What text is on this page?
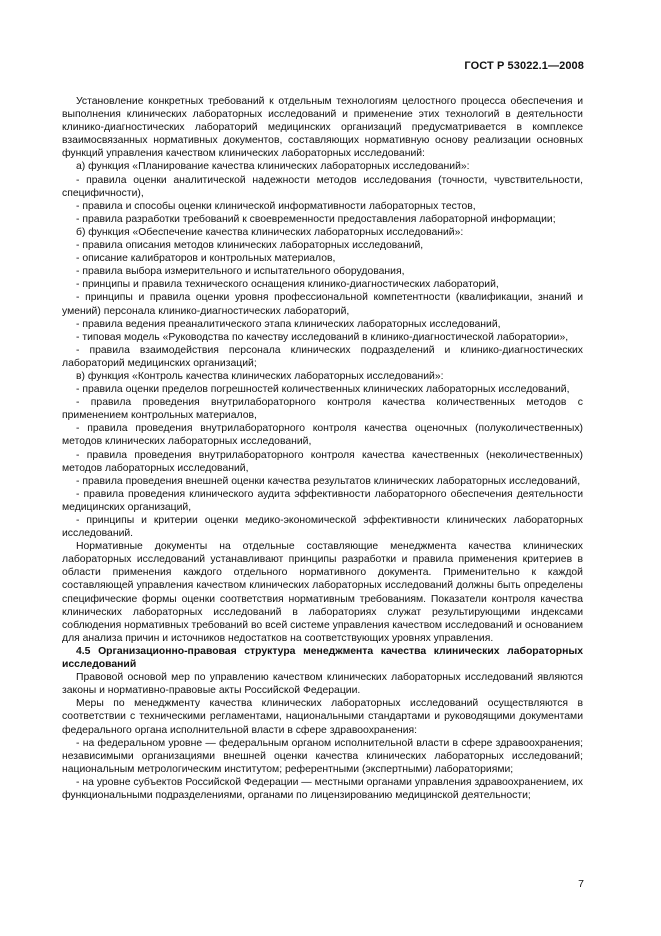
ГОСТ Р 53022.1—2008

Установление конкретных требований к отдельным технологиям целостного процесса обеспечения и выполнения клинических лабораторных исследований и применение этих технологий в деятельности клинико-диагностических лабораторий медицинских организаций предусматривается в комплексе взаимосвязанных нормативных документов, составляющих нормативную основу реализации основных функций управления качеством клинических лабораторных исследований:

а) функция «Планирование качества клинических лабораторных исследований»:

- правила оценки аналитической надежности методов исследования (точности, чувствительности, специфичности),

- правила и способы оценки клинической информативности лабораторных тестов,

- правила разработки требований к своевременности предоставления лабораторной информации;

б) функция «Обеспечение качества клинических лабораторных исследований»:

- правила описания методов клинических лабораторных исследований,

- описание калибраторов и контрольных материалов,

- правила выбора измерительного и испытательного оборудования,

- принципы и правила технического оснащения клинико-диагностических лабораторий,

- принципы и правила оценки уровня профессиональной компетентности (квалификации, знаний и умений) персонала клинико-диагностических лабораторий,

- правила ведения преаналитического этапа клинических лабораторных исследований,

- типовая модель «Руководства по качеству исследований в клинико-диагностической лаборатории»,

- правила взаимодействия персонала клинических подразделений и клинико-диагностических лабораторий медицинских организаций;

в) функция «Контроль качества клинических лабораторных исследований»:

- правила оценки пределов погрешностей количественных клинических лабораторных исследований,

- правила проведения внутрилабораторного контроля качества количественных методов с применением контрольных материалов,

- правила проведения внутрилабораторного контроля качества оценочных (полуколичественных) методов клинических лабораторных исследований,

- правила проведения внутрилабораторного контроля качества качественных (неколичественных) методов лабораторных исследований,

- правила проведения внешней оценки качества результатов клинических лабораторных исследований,

- правила проведения клинического аудита эффективности лабораторного обеспечения деятельности медицинских организаций,

- принципы и критерии оценки медико-экономической эффективности клинических лабораторных исследований.

Нормативные документы на отдельные составляющие менеджмента качества клинических лабораторных исследований устанавливают принципы разработки и правила применения критериев в области применения каждого отдельного нормативного документа. Применительно к каждой составляющей управления качеством клинических лабораторных исследований должны быть определены специфические формы оценки соответствия нормативным требованиям. Показатели контроля качества клинических лабораторных исследований в лабораториях служат результирующими индексами соблюдения нормативных требований во всей системе управления качеством исследований и основанием для анализа причин и источников недостатков на соответствующих уровнях управления.

4.5 Организационно-правовая структура менеджмента качества клинических лабораторных исследований

Правовой основой мер по управлению качеством клинических лабораторных исследований являются законы и нормативно-правовые акты Российской Федерации.

Меры по менеджменту качества клинических лабораторных исследований осуществляются в соответствии с техническими регламентами, национальными стандартами и руководящими документами федерального органа исполнительной власти в сфере здравоохранения:

- на федеральном уровне — федеральным органом исполнительной власти в сфере здравоохранения; независимыми организациями внешней оценки качества клинических лабораторных исследований; национальным метрологическим институтом; референтными (экспертными) лабораториями;

- на уровне субъектов Российской Федерации — местными органами управления здравоохранением, их функциональными подразделениями, органами по лицензированию медицинской деятельности;

7
